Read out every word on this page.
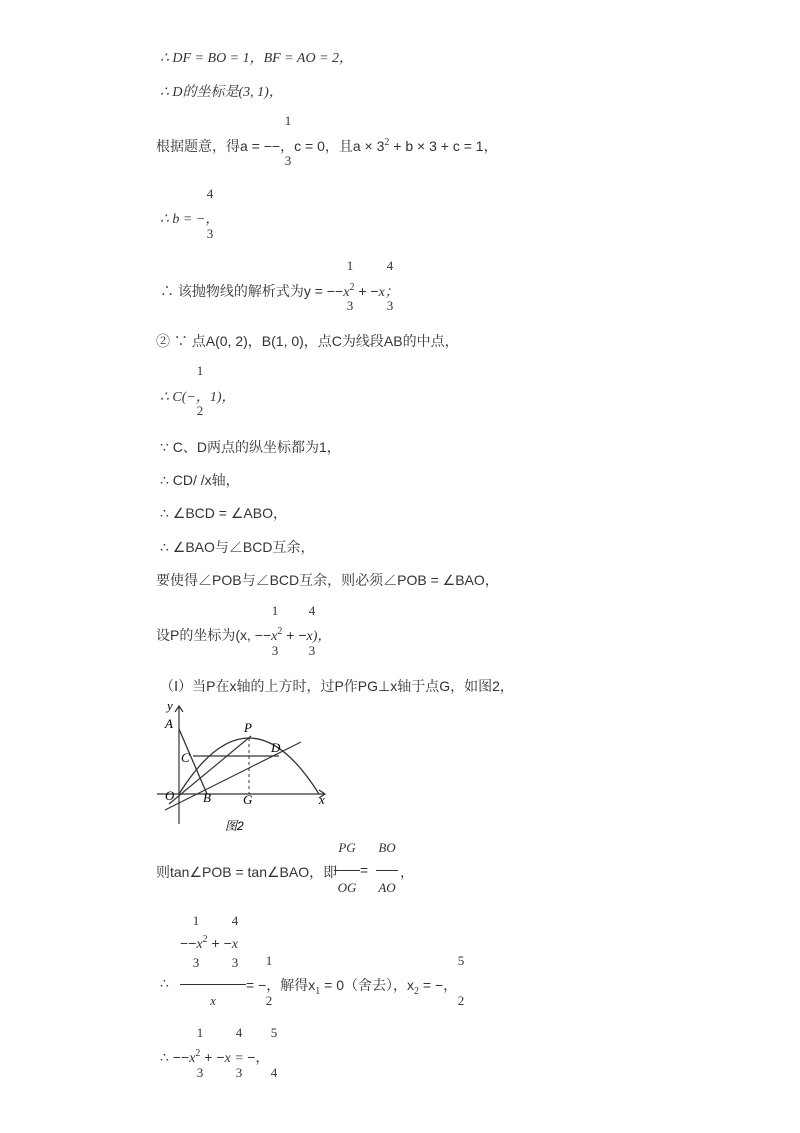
∴ DF = BO = 1，BF = AO = 2，
∴ D的坐标是(3, 1)，
1
3
根据题意，得a = −−，c = 0，且$a \times 3^2 + b \times 3 + c = 1$，
4
3
∴ b = −，
1
3
4
3
∴ 该抛物线的解析式为$y = --x^2 + -x$；
② ∵ 点A(0, 2)，B(1, 0)，点C为线段AB的中点，
1
2
∴ C(−，1)，
∵ C、D两点的纵坐标都为1，
∴ CD/ /x轴，
∴ ∠BCD = ∠ABO，
∴ ∠BAO与∠BCD互余，
要使得∠POB与∠BCD互余，则必须∠POB = ∠BAO，
1
3
4
3
设P的坐标为(x, $--x^2 + -x$)，
（Ⅰ）当P在x轴的上方时，过P作PG⊥x轴于点G，如图2，
y
x
A
C
O B
P
D
G
图2
PG
OG
BO
AO
则tan∠POB = tan∠BAO，即 = ，
1	4
$--x^2 + -x$
3	3
x
1
2
5
2
∴	= −，解得$x_1 = 0$（舍去），$x_2$ = −，
1
3
4
3
5
4
∴ $--x^2 + -x$ = −，
